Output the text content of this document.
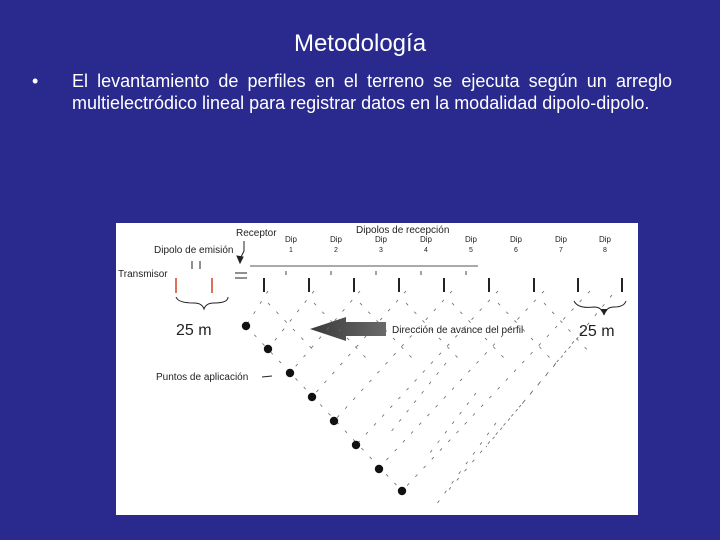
Metodología
•	El levantamiento de perfiles en el terreno se ejecuta según un arreglo multielectródico lineal para registrar datos en la modalidad dipolo-dipolo.
Receptor	Dipolos de recepción
Dipolo de emisión
Transmisor
Dip
1
Dip
2
Dip
3
Dip
4
Dip
5
Dip
6
Dip
7
Dip
8
25 m	25 m
Dirección de avance del perfil
Puntos de aplicación
